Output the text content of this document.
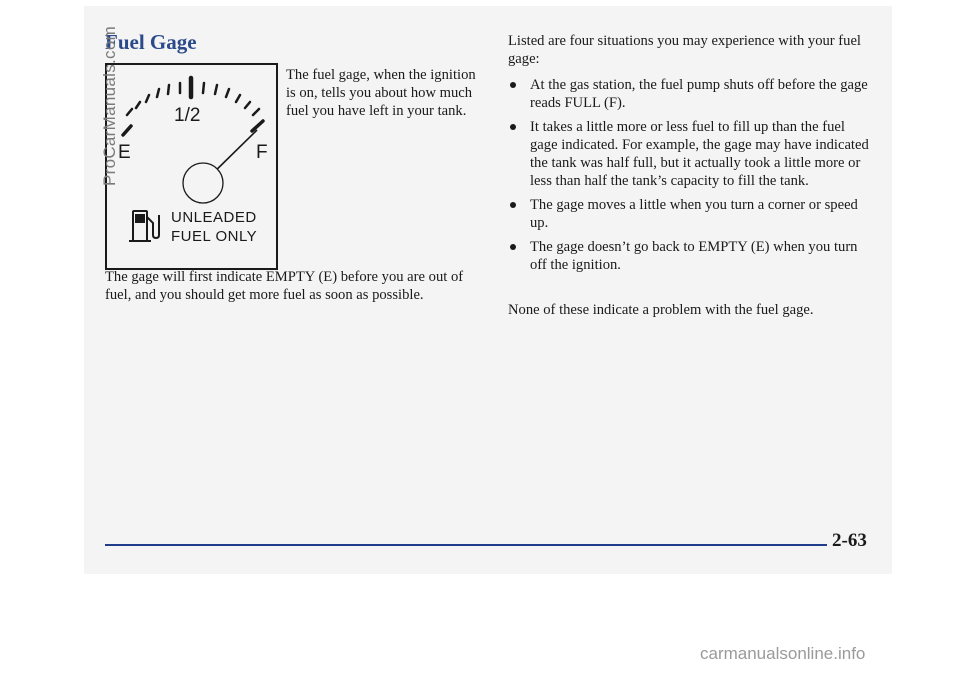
Fuel Gage
1/2
E	F
UNLEADED
FUEL ONLY

The fuel gage, when the ignition is on, tells you about how much fuel you have left in your tank.

The gage will first indicate EMPTY (E) before you are out of fuel, and you should get more fuel as soon as possible.

Listed are four situations you may experience with your fuel gage:

At the gas station, the fuel pump shuts off before the gage reads FULL (F).
It takes a little more or less fuel to fill up than the fuel gage indicated. For example, the gage may have indicated the tank was half full, but it actually took a little more or less than half the tank’s capacity to fill the tank.
The gage moves a little when you turn a corner or speed up.
The gage doesn’t go back to EMPTY (E) when you turn off the ignition.

None of these indicate a problem with the fuel gage.

2-63

ProCarManuals.com
carmanualsonline.info
